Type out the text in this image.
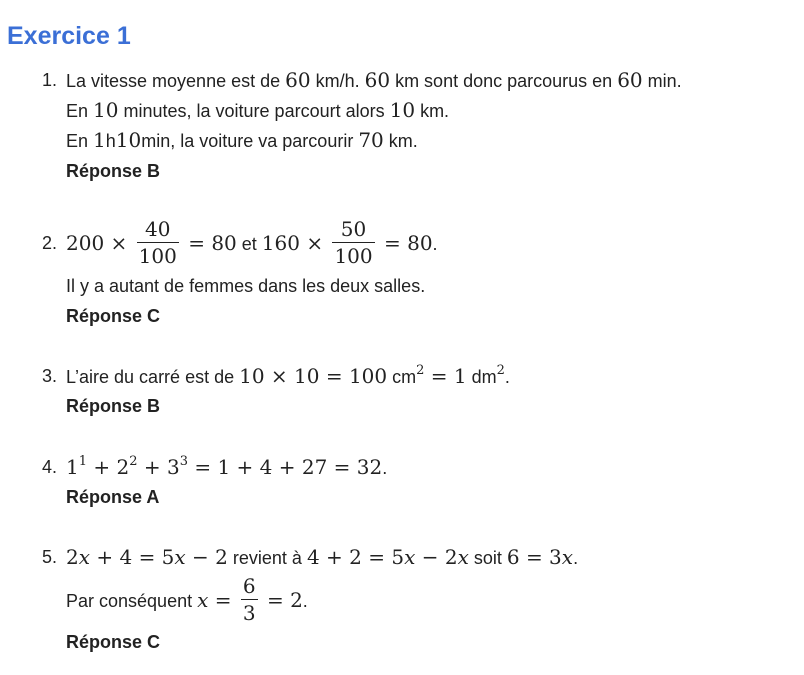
Exercice 1
1. La vitesse moyenne est de 60 km/h. 60 km sont donc parcourus en 60 min.
En 10 minutes, la voiture parcourt alors 10 km.
En 1h10min, la voiture va parcourir 70 km.
Réponse B
2. $200 \times \frac{40}{100} = 80$ et $160 \times \frac{50}{100} = 80$.
Il y a autant de femmes dans les deux salles.
Réponse C
3. L’aire du carré est de 10 × 10 = 100 $cm^2 = 1$ $dm^2$.
Réponse B
4. $1^1 + 2^2 + 3^3 = 1 + 4 + 27 = 32$.
Réponse A
5. 2x + 4 = 5x − 2 revient à 4 + 2 = 5x − 2x soit 6 = 3x.
Par conséquent $x = \frac{6}{3} = 2$.
Réponse C
